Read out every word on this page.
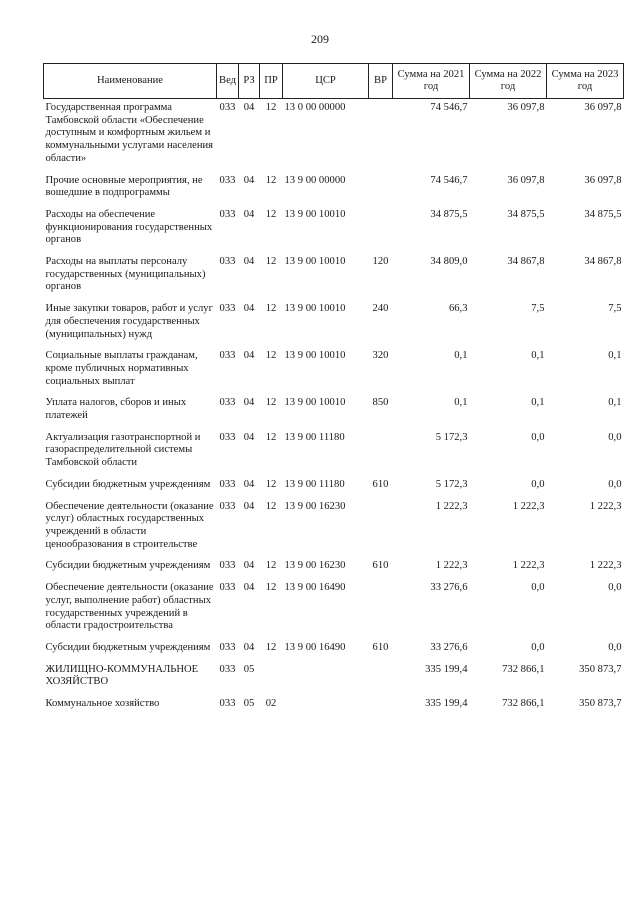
209
Наименование	Вед	РЗ	ПР	ЦСР	ВР	Сумма на 2021 год	Сумма на 2022 год	Сумма на 2023 год
Государственная программа Тамбовской области «Обеспечение доступным и комфортным жильем и коммунальными услугами населения области»	033	04	12	13 0 00 00000		74 546,7	36 097,8	36 097,8
Прочие основные мероприятия, не вошедшие в подпрограммы	033	04	12	13 9 00 00000		74 546,7	36 097,8	36 097,8
Расходы на обеспечение функционирования государственных органов	033	04	12	13 9 00 10010		34 875,5	34 875,5	34 875,5
Расходы на выплаты персоналу государственных (муниципальных) органов	033	04	12	13 9 00 10010	120	34 809,0	34 867,8	34 867,8
Иные закупки товаров, работ и услуг для обеспечения государственных (муниципальных) нужд	033	04	12	13 9 00 10010	240	66,3	7,5	7,5
Социальные выплаты гражданам, кроме публичных нормативных социальных выплат	033	04	12	13 9 00 10010	320	0,1	0,1	0,1
Уплата налогов, сборов и иных платежей	033	04	12	13 9 00 10010	850	0,1	0,1	0,1
Актуализация газотранспортной и газораспределительной системы Тамбовской области	033	04	12	13 9 00 11180		5 172,3	0,0	0,0
Субсидии бюджетным учреждениям	033	04	12	13 9 00 11180	610	5 172,3	0,0	0,0
Обеспечение деятельности (оказание услуг) областных государственных учреждений в области ценообразования в строительстве	033	04	12	13 9 00 16230		1 222,3	1 222,3	1 222,3
Субсидии бюджетным учреждениям	033	04	12	13 9 00 16230	610	1 222,3	1 222,3	1 222,3
Обеспечение деятельности (оказание услуг, выполнение работ) областных государственных учреждений в области градостроительства	033	04	12	13 9 00 16490		33 276,6	0,0	0,0
Субсидии бюджетным учреждениям	033	04	12	13 9 00 16490	610	33 276,6	0,0	0,0
ЖИЛИЩНО-КОММУНАЛЬНОЕ ХОЗЯЙСТВО	033	05				335 199,4	732 866,1	350 873,7
Коммунальное хозяйство	033	05	02			335 199,4	732 866,1	350 873,7
